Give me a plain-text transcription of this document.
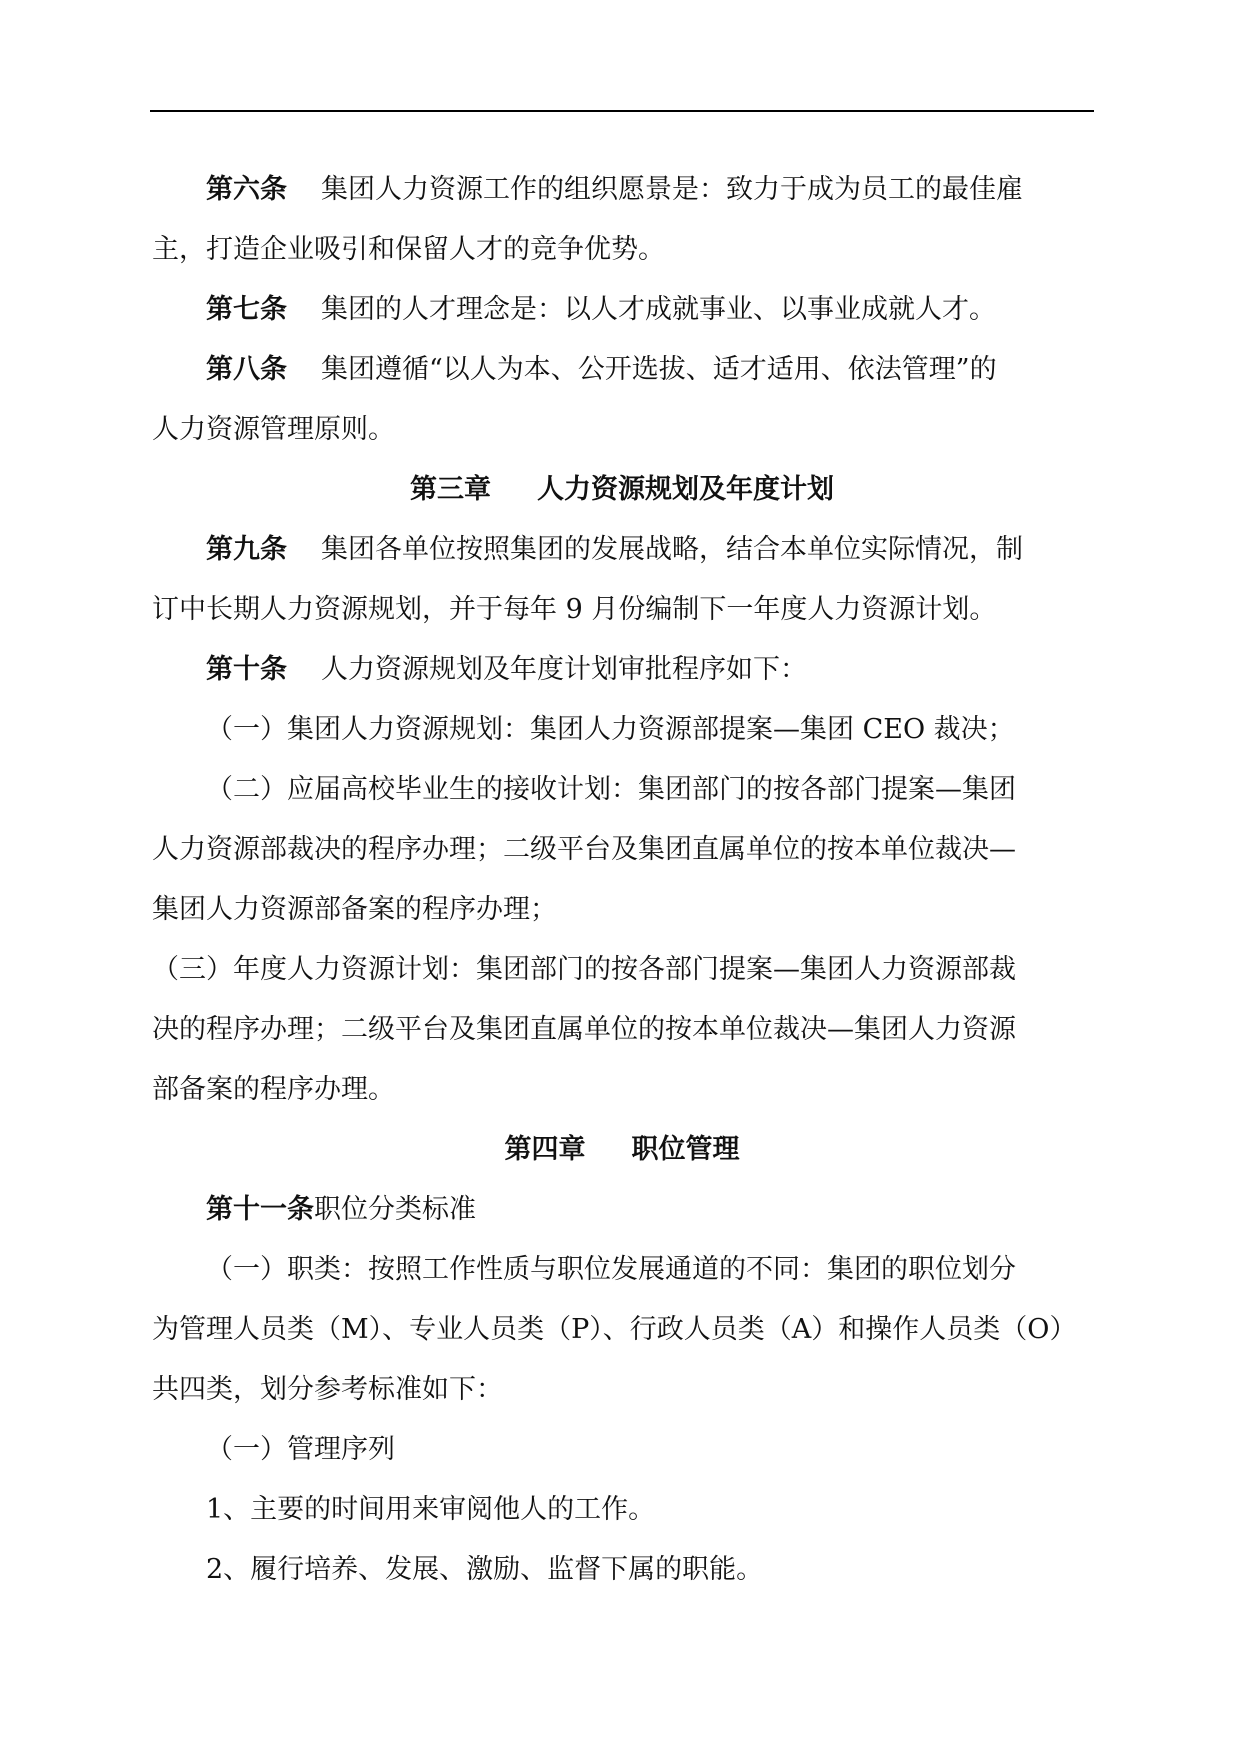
第六条 集团人力资源工作的组织愿景是：致力于成为员工的最佳雇
主，打造企业吸引和保留人才的竞争优势。
第七条 集团的人才理念是：以人才成就事业、以事业成就人才。
第八条 集团遵循“以人为本、公开选拔、适才适用、依法管理”的
人力资源管理原则。
第三章 人力资源规划及年度计划
第九条 集团各单位按照集团的发展战略，结合本单位实际情况，制
订中长期人力资源规划，并于每年 9 月份编制下一年度人力资源计划。
第十条 人力资源规划及年度计划审批程序如下：
（一）集团人力资源规划：集团人力资源部提案—集团 CEO 裁决；
（二）应届高校毕业生的接收计划：集团部门的按各部门提案—集团
人力资源部裁决的程序办理；二级平台及集团直属单位的按本单位裁决—
集团人力资源部备案的程序办理；
（三）年度人力资源计划：集团部门的按各部门提案—集团人力资源部裁
决的程序办理；二级平台及集团直属单位的按本单位裁决—集团人力资源
部备案的程序办理。
第四章 职位管理
第十一条职位分类标准
（一）职类：按照工作性质与职位发展通道的不同：集团的职位划分
为管理人员类（M）、专业人员类（P）、行政人员类（A）和操作人员类（O）
共四类，划分参考标准如下：
（一）管理序列
1、主要的时间用来审阅他人的工作。
2、履行培养、发展、激励、监督下属的职能。
